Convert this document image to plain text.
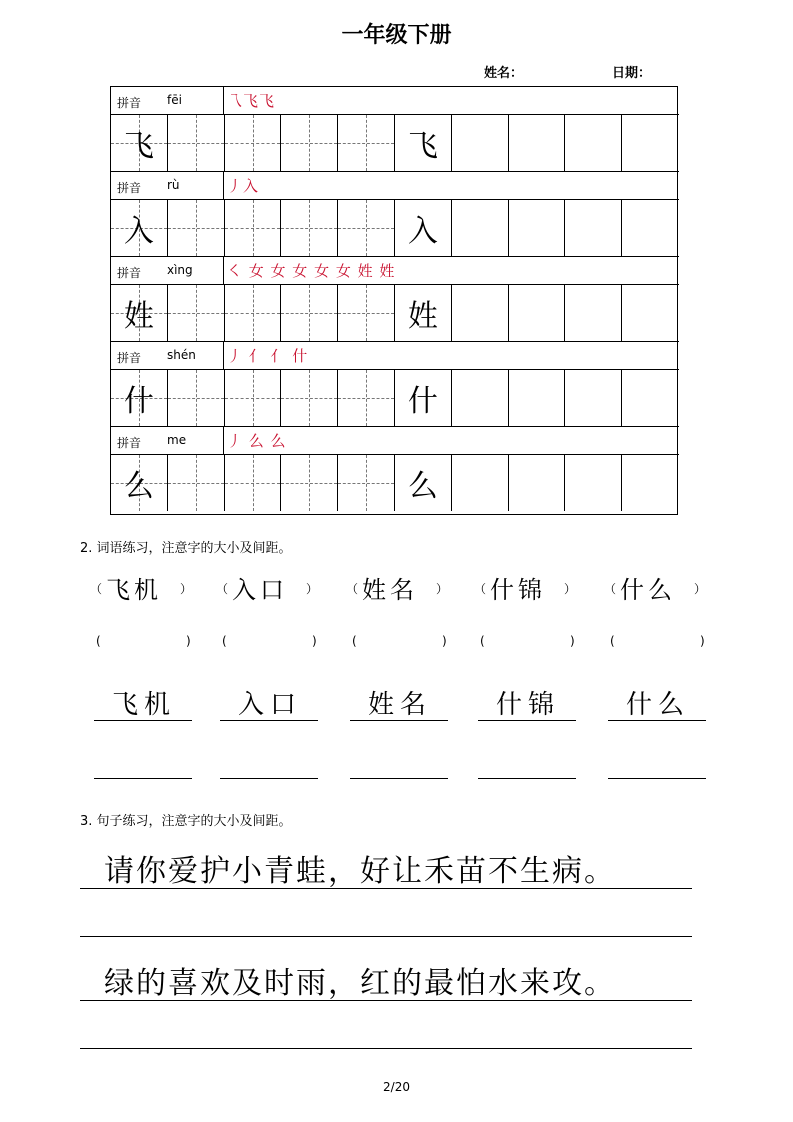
一年级下册
姓名：	日期：
拼音 fēi	乁飞飞
飞	飞
拼音 rù	丿入
入	入
拼音 xìng ㇛ 女 女 女 女 女 姓 姓
姓	姓
拼音 shén 丿 亻 亻 什
什	什
拼音 me	丿 么 么
么	么
2. 词语练习，注意字的大小及间距。
（ 飞机 ）
(	)
飞机
（ 入口 ）
(	)
入口
（ 姓名 ）
(	)
姓名
（ 什锦 ）
(	)
什锦
（ 什么 ）
(	)
什么
3. 句子练习，注意字的大小及间距。
请你爱护小青蛙，好让禾苗不生病。
绿的喜欢及时雨，红的最怕水来攻。
2/20
